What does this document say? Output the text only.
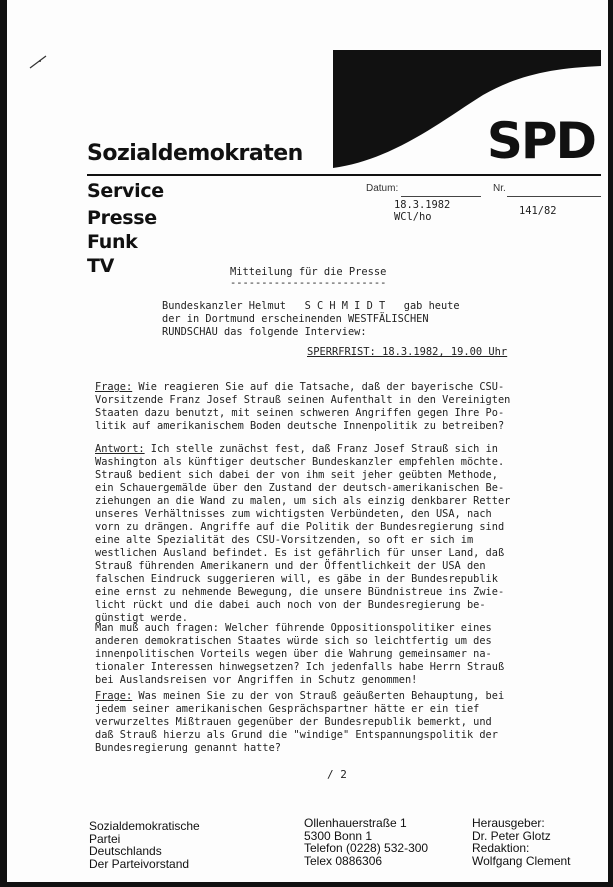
SPD
Sozialdemokraten
Service
Presse
Funk
TV
Datum:	Nr.
18.3.1982
WCl/ho	141/82
Mitteilung für die Presse
-------------------------
Bundeskanzler Helmut   S C H M I D T   gab heute
der in Dortmund erscheinenden WESTFÄLISCHEN
RUNDSCHAU das folgende Interview:
SPERRFRIST: 18.3.1982, 19.00 Uhr
Frage: Wie reagieren Sie auf die Tatsache, daß der bayerische CSU-
Vorsitzende Franz Josef Strauß seinen Aufenthalt in den Vereinigten
Staaten dazu benutzt, mit seinen schweren Angriffen gegen Ihre Po-
litik auf amerikanischem Boden deutsche Innenpolitik zu betreiben?
Antwort: Ich stelle zunächst fest, daß Franz Josef Strauß sich in
Washington als künftiger deutscher Bundeskanzler empfehlen möchte.
Strauß bedient sich dabei der von ihm seit jeher geübten Methode,
ein Schauergemälde über den Zustand der deutsch-amerikanischen Be-
ziehungen an die Wand zu malen, um sich als einzig denkbarer Retter
unseres Verhältnisses zum wichtigsten Verbündeten, den USA, nach
vorn zu drängen. Angriffe auf die Politik der Bundesregierung sind
eine alte Spezialität des CSU-Vorsitzenden, so oft er sich im
westlichen Ausland befindet. Es ist gefährlich für unser Land, daß
Strauß führenden Amerikanern und der Öffentlichkeit der USA den
falschen Eindruck suggerieren will, es gäbe in der Bundesrepublik
eine ernst zu nehmende Bewegung, die unsere Bündnistreue ins Zwie-
licht rückt und die dabei auch noch von der Bundesregierung be-
günstigt werde.
Man muß auch fragen: Welcher führende Oppositionspolitiker eines
anderen demokratischen Staates würde sich so leichtfertig um des
innenpolitischen Vorteils wegen über die Wahrung gemeinsamer na-
tionaler Interessen hinwegsetzen? Ich jedenfalls habe Herrn Strauß
bei Auslandsreisen vor Angriffen in Schutz genommen!
Frage: Was meinen Sie zu der von Strauß geäußerten Behauptung, bei
jedem seiner amerikanischen Gesprächspartner hätte er ein tief
verwurzeltes Mißtrauen gegenüber der Bundesrepublik bemerkt, und
daß Strauß hierzu als Grund die "windige" Entspannungspolitik der
Bundesregierung genannt hatte?
/ 2
Sozialdemokratische
Partei
Deutschlands
Der Parteivorstand
Ollenhauerstraße 1
5300 Bonn 1
Telefon (0228) 532-300
Telex 0886306
Herausgeber:
Dr. Peter Glotz
Redaktion:
Wolfgang Clement
